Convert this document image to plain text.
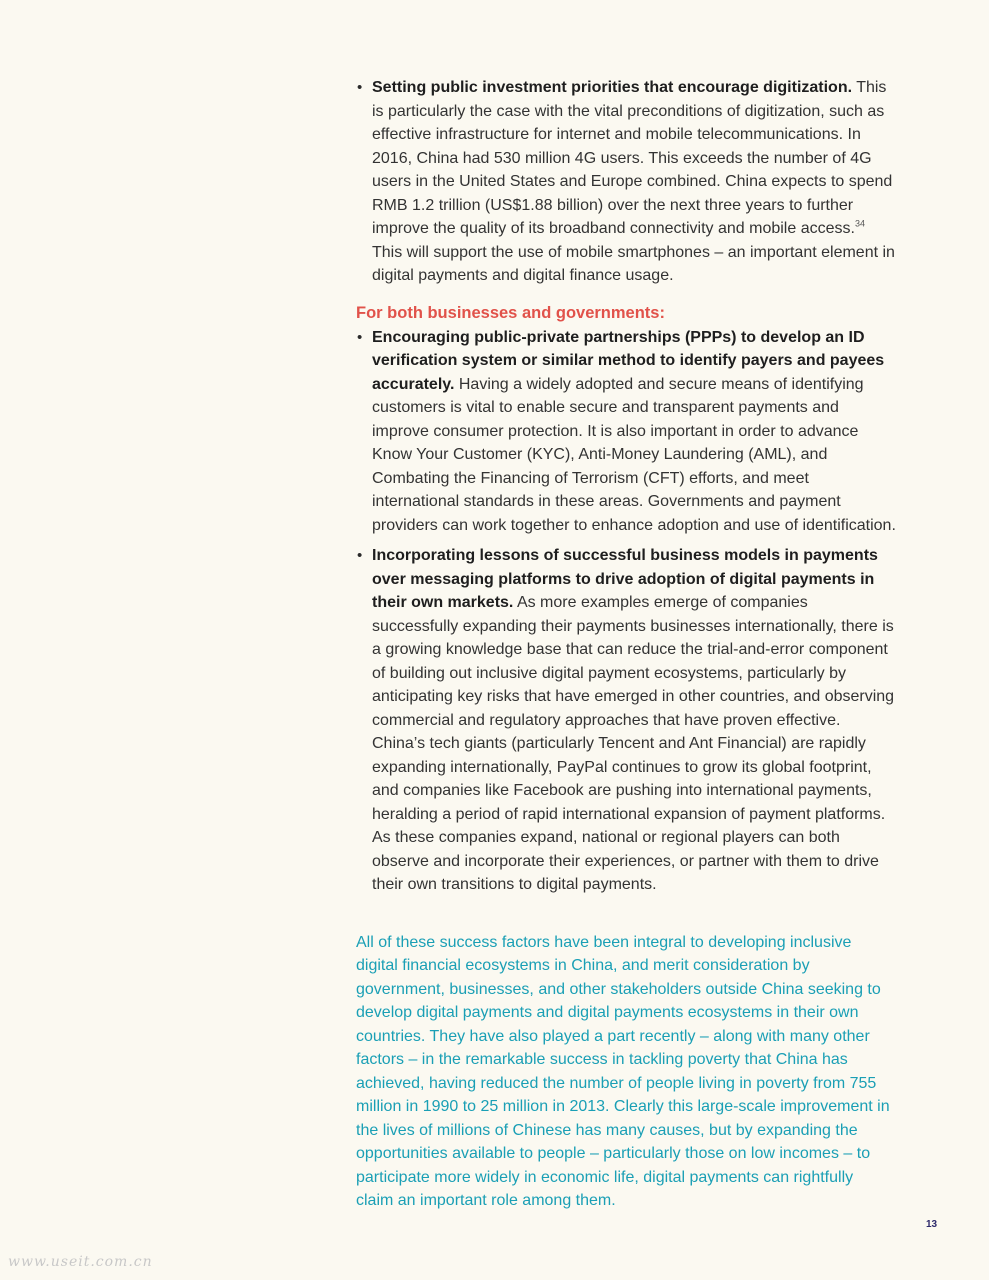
• Setting public investment priorities that encourage digitization. This is particularly the case with the vital preconditions of digitization, such as effective infrastructure for internet and mobile telecommunications. In 2016, China had 530 million 4G users. This exceeds the number of 4G users in the United States and Europe combined. China expects to spend RMB 1.2 trillion (US$1.88 billion) over the next three years to further improve the quality of its broadband connectivity and mobile access.$^{34}$ This will support the use of mobile smartphones – an important element in digital payments and digital finance usage.
For both businesses and governments:
• Encouraging public-private partnerships (PPPs) to develop an ID verification system or similar method to identify payers and payees accurately. Having a widely adopted and secure means of identifying customers is vital to enable secure and transparent payments and improve consumer protection. It is also important in order to advance Know Your Customer (KYC), Anti-Money Laundering (AML), and Combating the Financing of Terrorism (CFT) efforts, and meet international standards in these areas. Governments and payment providers can work together to enhance adoption and use of identification.
• Incorporating lessons of successful business models in payments over messaging platforms to drive adoption of digital payments in their own markets. As more examples emerge of companies successfully expanding their payments businesses internationally, there is a growing knowledge base that can reduce the trial-and-error component of building out inclusive digital payment ecosystems, particularly by anticipating key risks that have emerged in other countries, and observing commercial and regulatory approaches that have proven effective. China’s tech giants (particularly Tencent and Ant Financial) are rapidly expanding internationally, PayPal continues to grow its global footprint, and companies like Facebook are pushing into international payments, heralding a period of rapid international expansion of payment platforms. As these companies expand, national or regional players can both observe and incorporate their experiences, or partner with them to drive their own transitions to digital payments.

All of these success factors have been integral to developing inclusive digital financial ecosystems in China, and merit consideration by government, businesses, and other stakeholders outside China seeking to develop digital payments and digital payments ecosystems in their own countries. They have also played a part recently – along with many other factors – in the remarkable success in tackling poverty that China has achieved, having reduced the number of people living in poverty from 755 million in 1990 to 25 million in 2013. Clearly this large-scale improvement in the lives of millions of Chinese has many causes, but by expanding the opportunities available to people – particularly those on low incomes – to participate more widely in economic life, digital payments can rightfully claim an important role among them.

13
www.useit.com.cn
